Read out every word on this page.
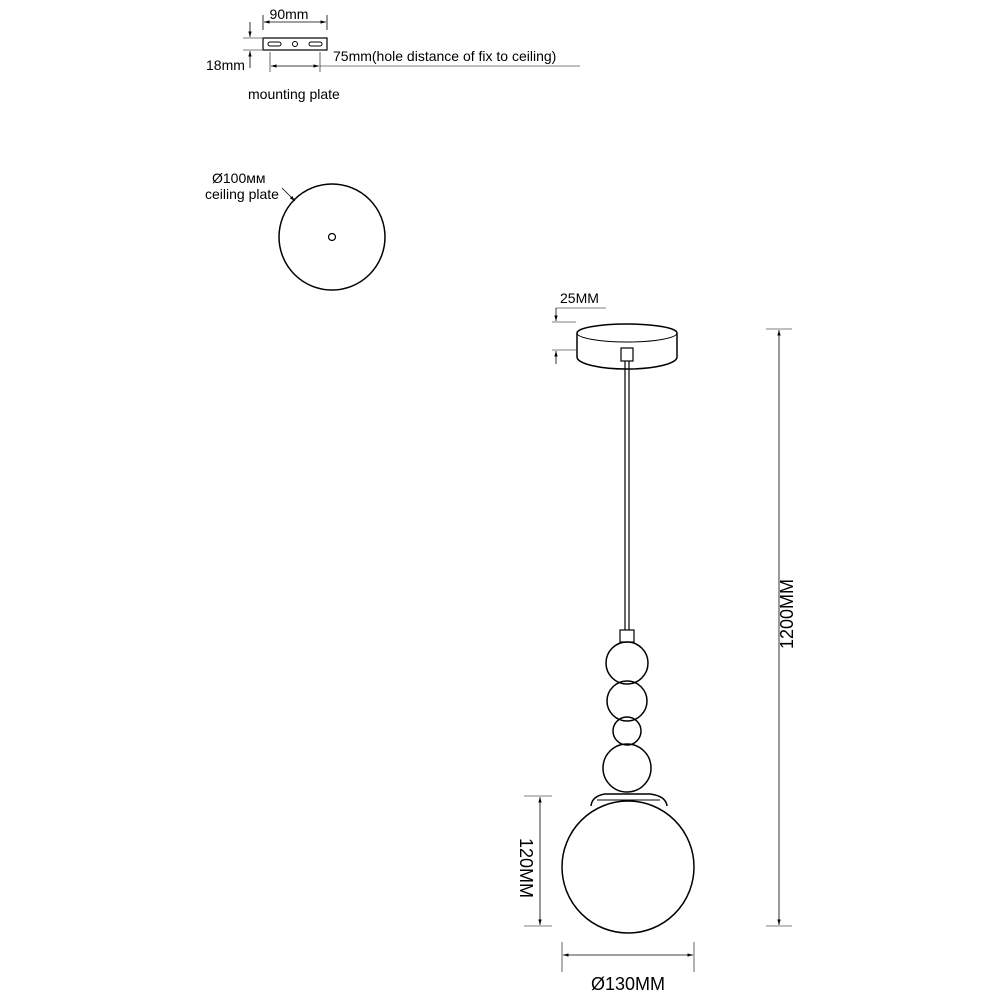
90mm
18mm
75mm(hole distance of fix to ceiling)
mounting plate
Ø100мм
ceiling plate
25MM
120MM
Ø130MM
1200MM
